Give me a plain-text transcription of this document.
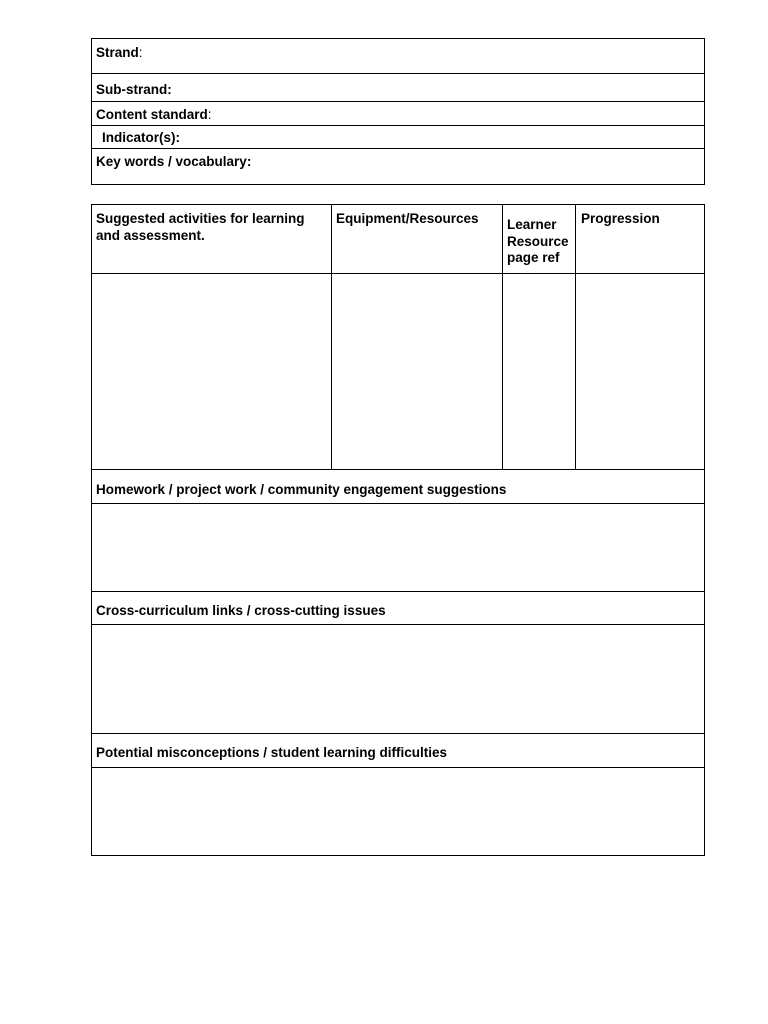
Strand:
Sub-strand:
Content standard:
Indicator(s):
Key words / vocabulary:
Suggested activities for learning and assessment.
Equipment/Resources Learner Resource page ref
Progression
Homework / project work / community engagement suggestions
Cross-curriculum links / cross-cutting issues
Potential misconceptions / student learning difficulties
